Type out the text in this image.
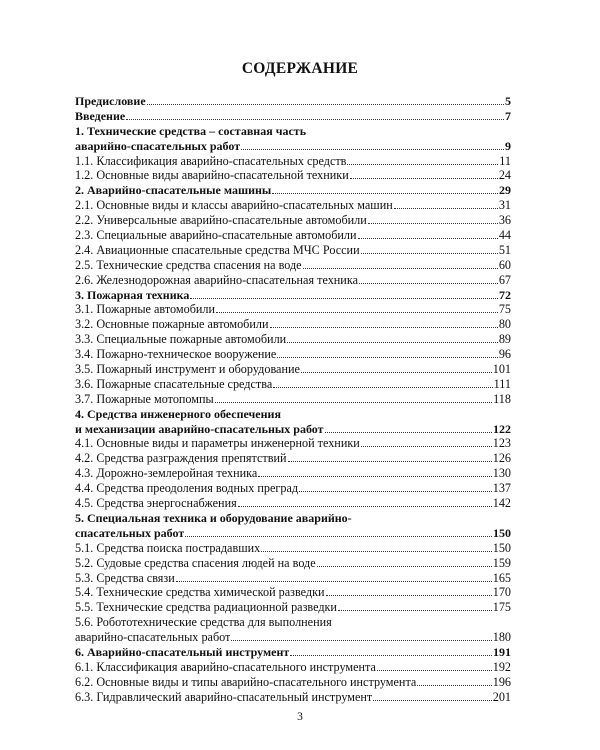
СОДЕРЖАНИЕ
Предисловие	5
Введение	7
1. Технические средства – составная часть
аварийно-спасательных работ	9
1.1. Классификация аварийно-спасательных средств	11
1.2. Основные виды аварийно-спасательной техники	24
2. Аварийно-спасательные машины	29
2.1. Основные виды и классы аварийно-спасательных машин	31
2.2. Универсальные аварийно-спасательные автомобили	36
2.3. Специальные аварийно-спасательные автомобили	44
2.4. Авиационные спасательные средства МЧС России	51
2.5. Технические средства спасения на воде	60
2.6. Железнодорожная аварийно-спасательная техника	67
3. Пожарная техника	72
3.1. Пожарные автомобили	75
3.2. Основные пожарные автомобили	80
3.3. Специальные пожарные автомобили	89
3.4. Пожарно-техническое вооружение	96
3.5. Пожарный инструмент и оборудование	101
3.6. Пожарные спасательные средства	111
3.7. Пожарные мотопомпы	118
4. Средства инженерного обеспечения
и механизации аварийно-спасательных работ	122
4.1. Основные виды и параметры инженерной техники	123
4.2. Средства разграждения препятствий	126
4.3. Дорожно-землеройная техника	130
4.4. Средства преодоления водных преград	137
4.5. Средства энергоснабжения	142
5. Специальная техника и оборудование аварийно-
спасательных работ	150
5.1. Средства поиска пострадавших	150
5.2. Судовые средства спасения людей на воде	159
5.3. Средства связи	165
5.4. Технические средства химической разведки	170
5.5. Технические средства радиационной разведки	175
5.6. Робототехнические средства для выполнения
аварийно-спасательных работ	180
6. Аварийно-спасательный инструмент	191
6.1. Классификация аварийно-спасательного инструмента	192
6.2. Основные виды и типы аварийно-спасательного инструмента	196
6.3. Гидравлический аварийно-спасательный инструмент	201
3
